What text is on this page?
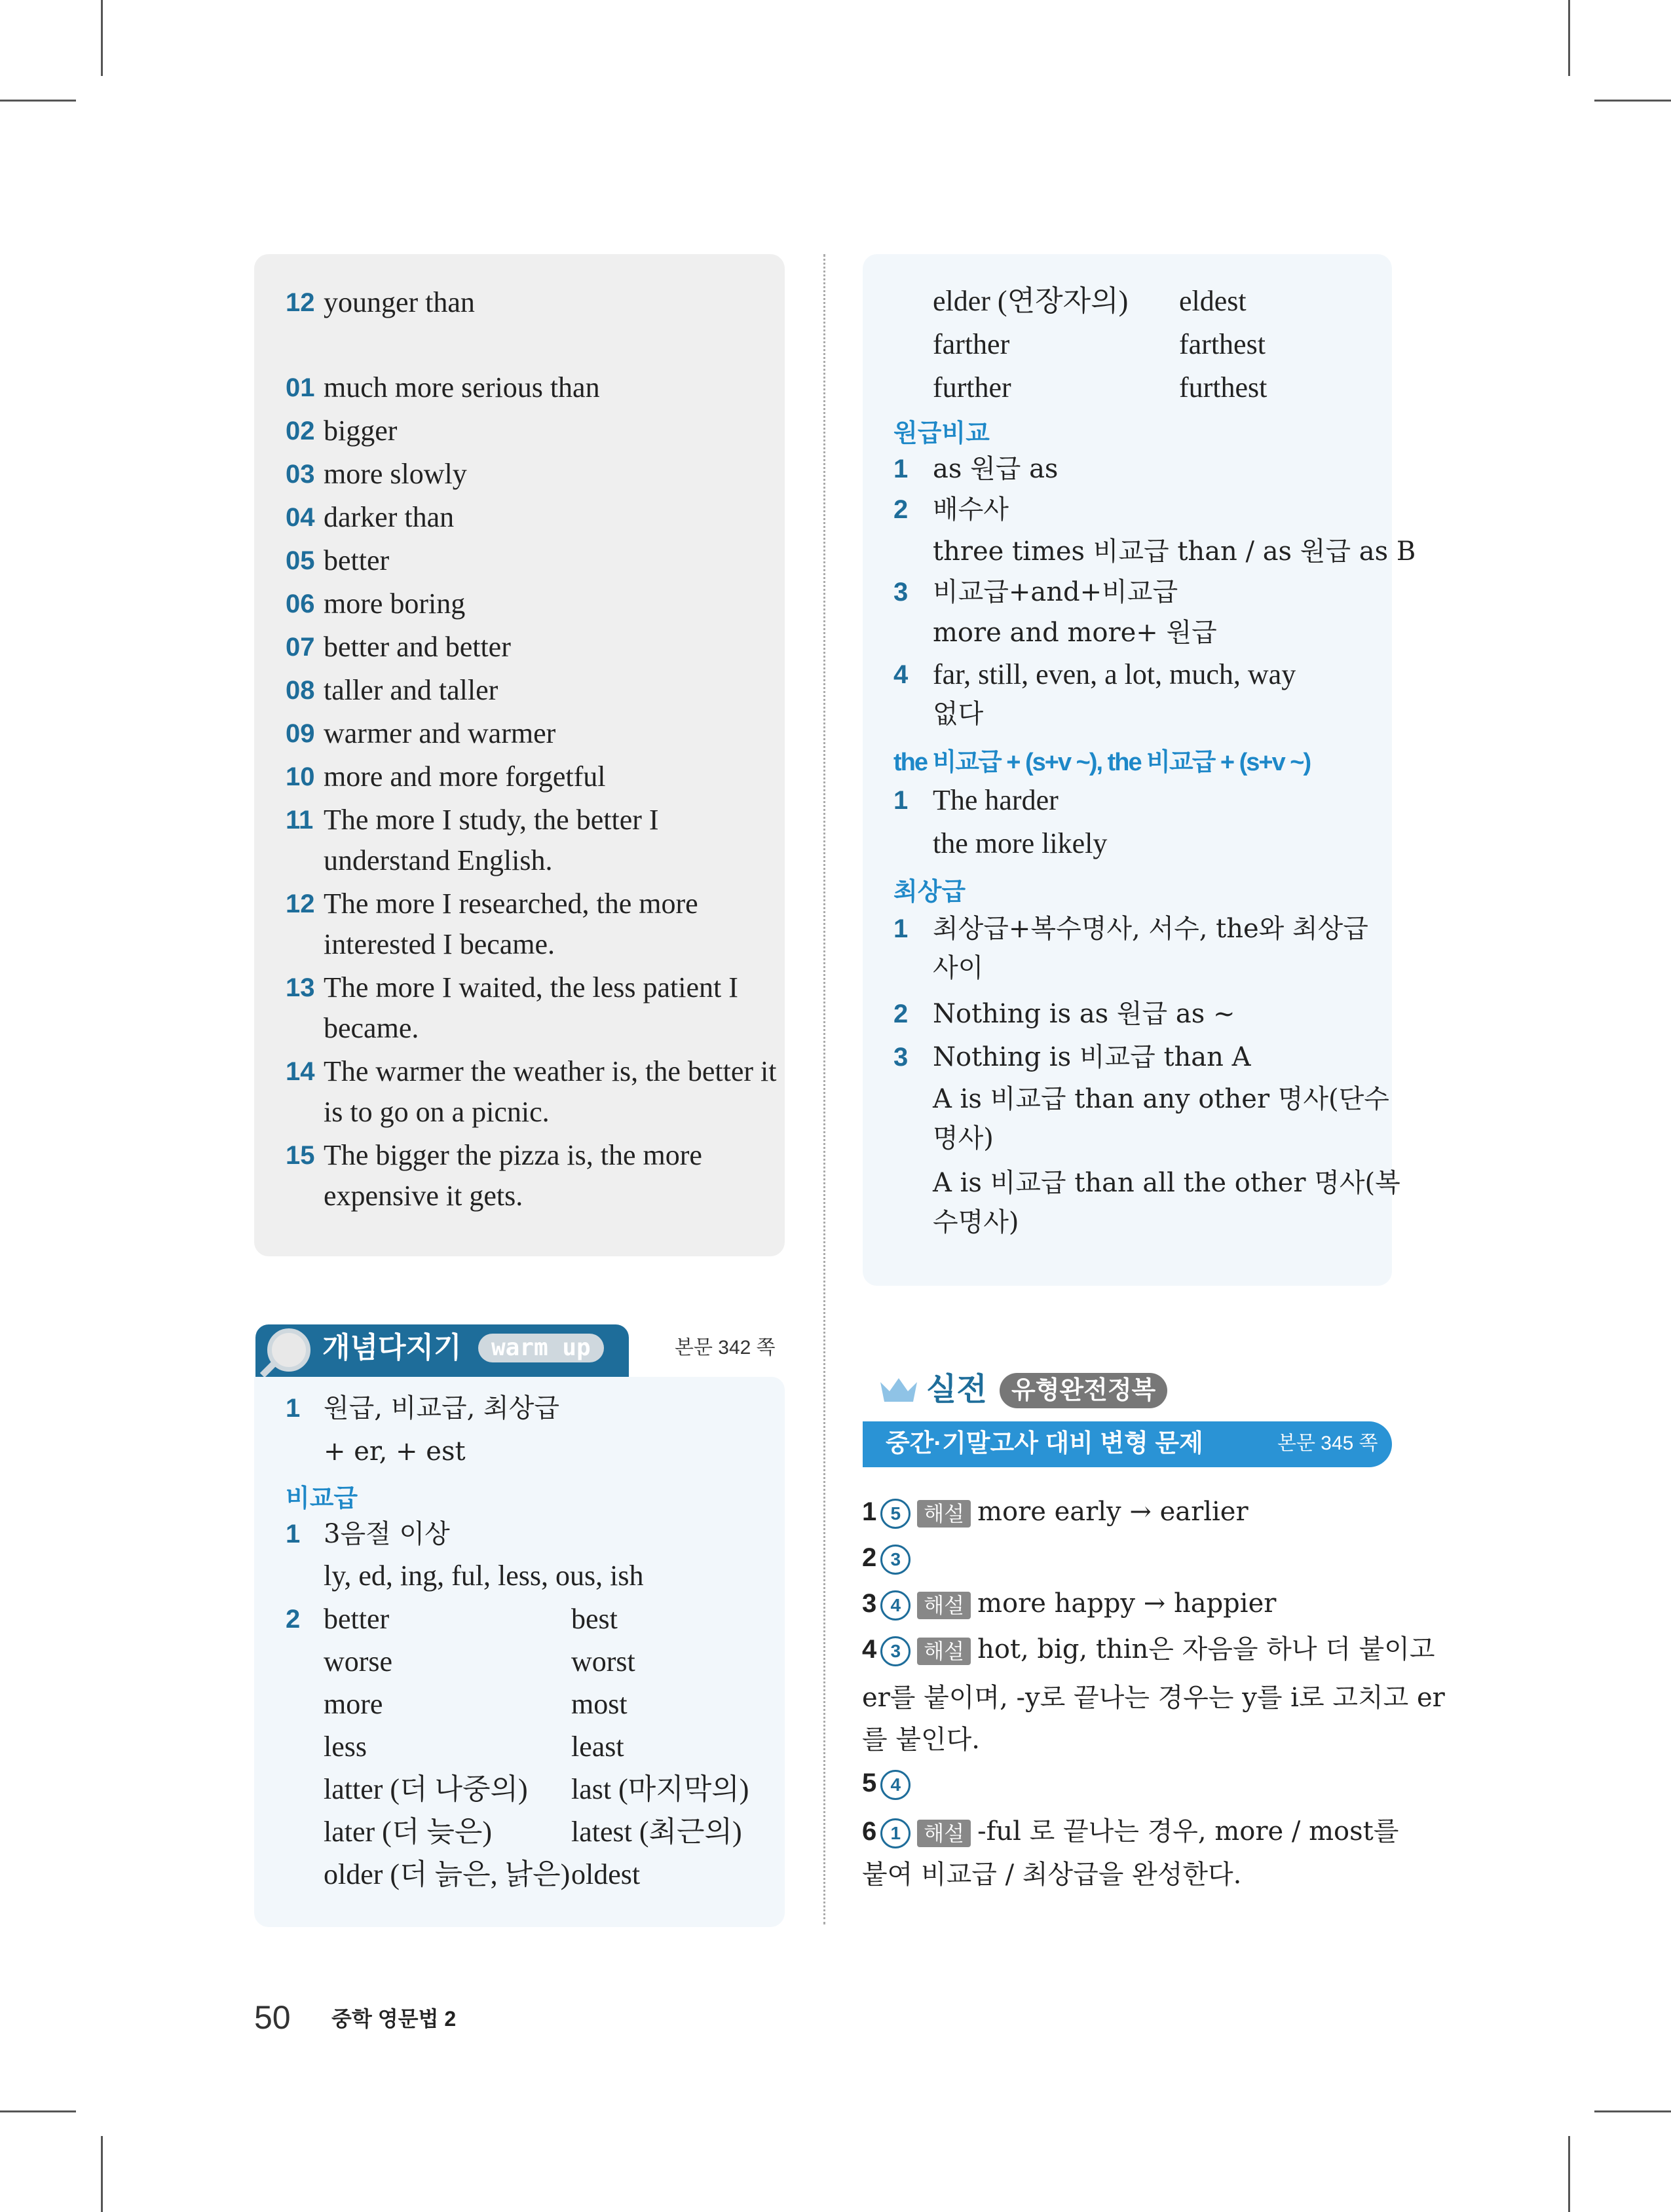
개념다지기	warm up	본문 342 쪽
1 원급, 비교급, 최상급
+ er, + est
비교급
1 3음절 이상
ly, ed, ing, ful, less, ous, ish
2
원급비교
1 as 원급 as
2 배수사
three times 비교급 than / as 원급 as B
3 비교급+and+비교급
more and more+ 원급
4 far, still, even, a lot, much, way
없다
the 비교급 + (s+v ~), the 비교급 + (s+v ~)
1 The harder
the more likely
최상급
1 최상급+복수명사, 서수, the와 최상급
사이
2 Nothing is as 원급 as ~
3 Nothing is 비교급 than A
A is 비교급 than any other 명사(단수
명사)
A is 비교급 than all the other 명사(복
수명사)
실전 유형완전정복
중간·기말고사 대비 변형 문제	본문 345 쪽
1 5 해설 more early → earlier
2 3
3 4 해설 more happy → happier
4 3 해설 hot, big, thin은 자음을 하나 더 붙이고
er를 붙이며, -y로 끝나는 경우는 y를 i로 고치고 er
를 붙인다.
5 4
6 1 해설 -ful 로 끝나는 경우, more / most를
붙여 비교급 / 최상급을 완성한다.
50 중학 영문법 2
12 younger than
01 much more serious than
02 bigger
03 more slowly
04 darker than
05 better
06 more boring
07 better and better
08 taller and taller
09 warmer and warmer
10 more and more forgetful
11 The more I study, the better I
understand English.
12 The more I researched, the more
interested I became.
13 The more I waited, the less patient I
became.
14 The warmer the weather is, the better it
is to go on a picnic.
15 The bigger the pizza is, the more
expensive it gets.
better	best
worse	worst
more	most
less	least
latter (더 나중의) last (마지막의)
later (더 늦은)	latest (최근의)
older (더 늙은, 낡은) oldest
elder (연장자의) eldest
farther	farthest
further	furthest
